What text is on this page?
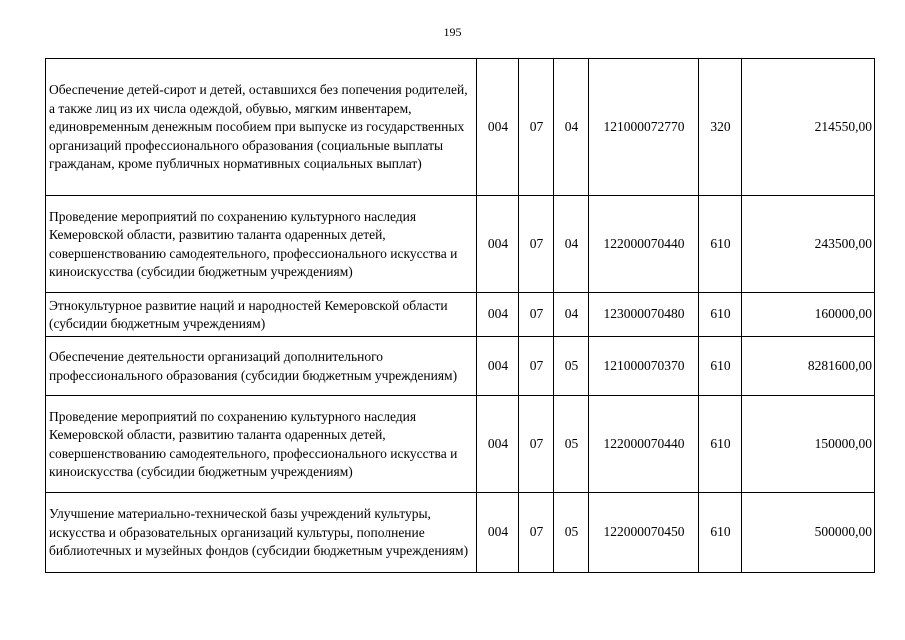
195
Обеспечение детей-сирот и детей, оставшихся без попечения родителей, а также лиц из их числа одеждой, обувью, мягким инвентарем, единовременным денежным пособием при выпуске из государственных организаций профессионального образования (социальные выплаты гражданам, кроме публичных нормативных социальных выплат)	004	07	04	121000072770	320	214550,00

Проведение мероприятий по сохранению культурного наследия Кемеровской области, развитию таланта одаренных детей, совершенствованию самодеятельного, профессионального искусства и киноискусства (субсидии бюджетным учреждениям)	004	07	04	122000070440	610	243500,00

Этнокультурное развитие наций и народностей Кемеровской области (субсидии бюджетным учреждениям)	004	07	04	123000070480	610	160000,00

Обеспечение деятельности организаций дополнительного профессионального образования (субсидии бюджетным учреждениям)	004	07	05	121000070370	610	8281600,00

Проведение мероприятий по сохранению культурного наследия Кемеровской области, развитию таланта одаренных детей, совершенствованию самодеятельного, профессионального искусства и киноискусства (субсидии бюджетным учреждениям)	004	07	05	122000070440	610	150000,00

Улучшение материально-технической базы учреждений культуры, искусства и образовательных организаций культуры, пополнение библиотечных и музейных фондов (субсидии бюджетным учреждениям)	004	07	05	122000070450	610	500000,00
